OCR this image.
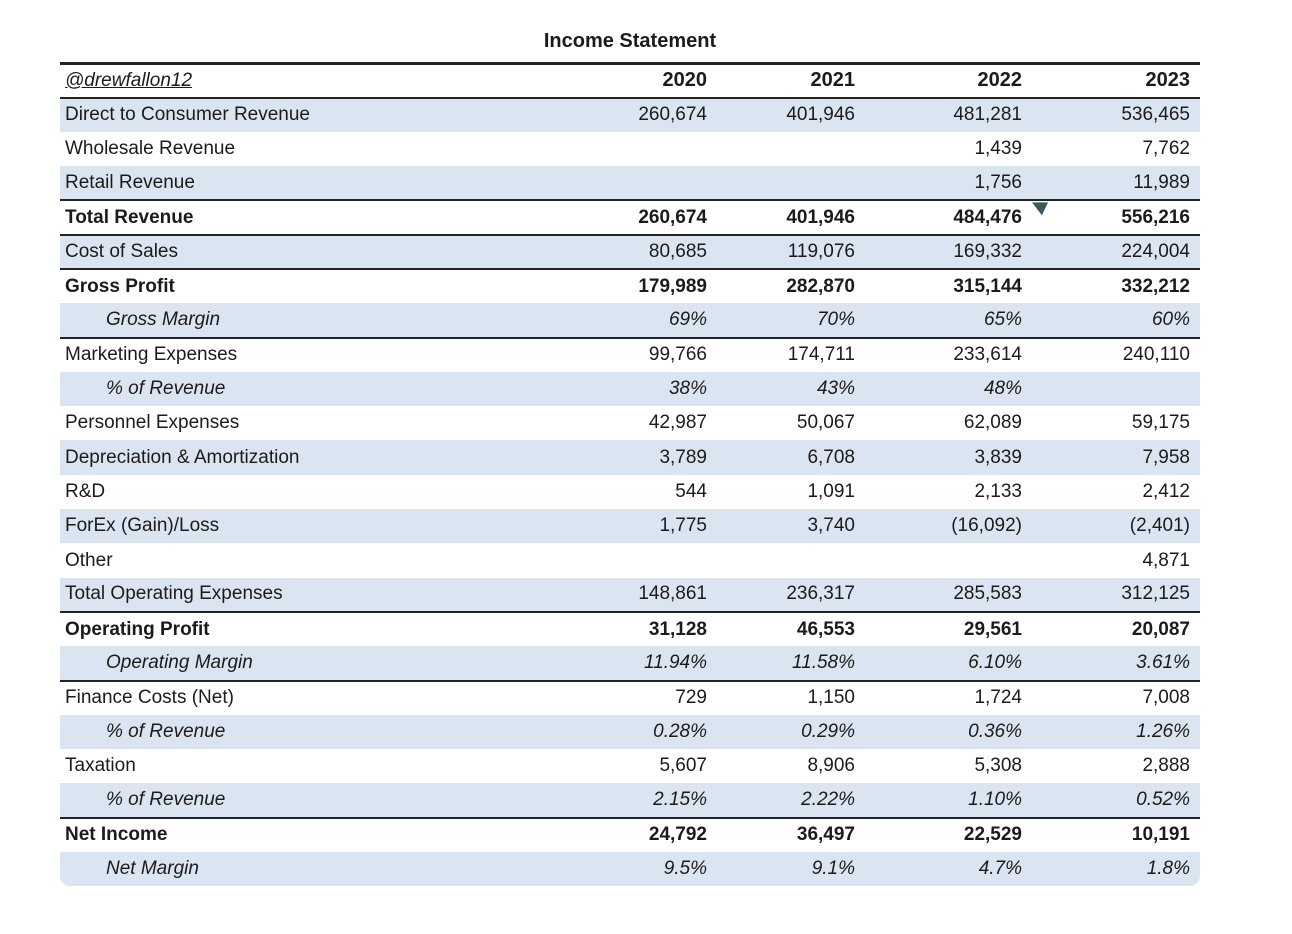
Income Statement
@drewfallon12	2020	2021	2022	2023
Direct to Consumer Revenue	260,674	401,946	481,281	536,465
Wholesale Revenue			1,439	7,762
Retail Revenue			1,756	11,989
Total Revenue	260,674	401,946	484,476	556,216
Cost of Sales	80,685	119,076	169,332	224,004
Gross Profit	179,989	282,870	315,144	332,212
Gross Margin	69%	70%	65%	60%
Marketing Expenses	99,766	174,711	233,614	240,110
% of Revenue	38%	43%	48%	
Personnel Expenses	42,987	50,067	62,089	59,175
Depreciation & Amortization	3,789	6,708	3,839	7,958
R&D	544	1,091	2,133	2,412
ForEx (Gain)/Loss	1,775	3,740	(16,092)	(2,401)
Other				4,871
Total Operating Expenses	148,861	236,317	285,583	312,125
Operating Profit	31,128	46,553	29,561	20,087
Operating Margin	11.94%	11.58%	6.10%	3.61%
Finance Costs (Net)	729	1,150	1,724	7,008
% of Revenue	0.28%	0.29%	0.36%	1.26%
Taxation	5,607	8,906	5,308	2,888
% of Revenue	2.15%	2.22%	1.10%	0.52%
Net Income	24,792	36,497	22,529	10,191
Net Margin	9.5%	9.1%	4.7%	1.8%
